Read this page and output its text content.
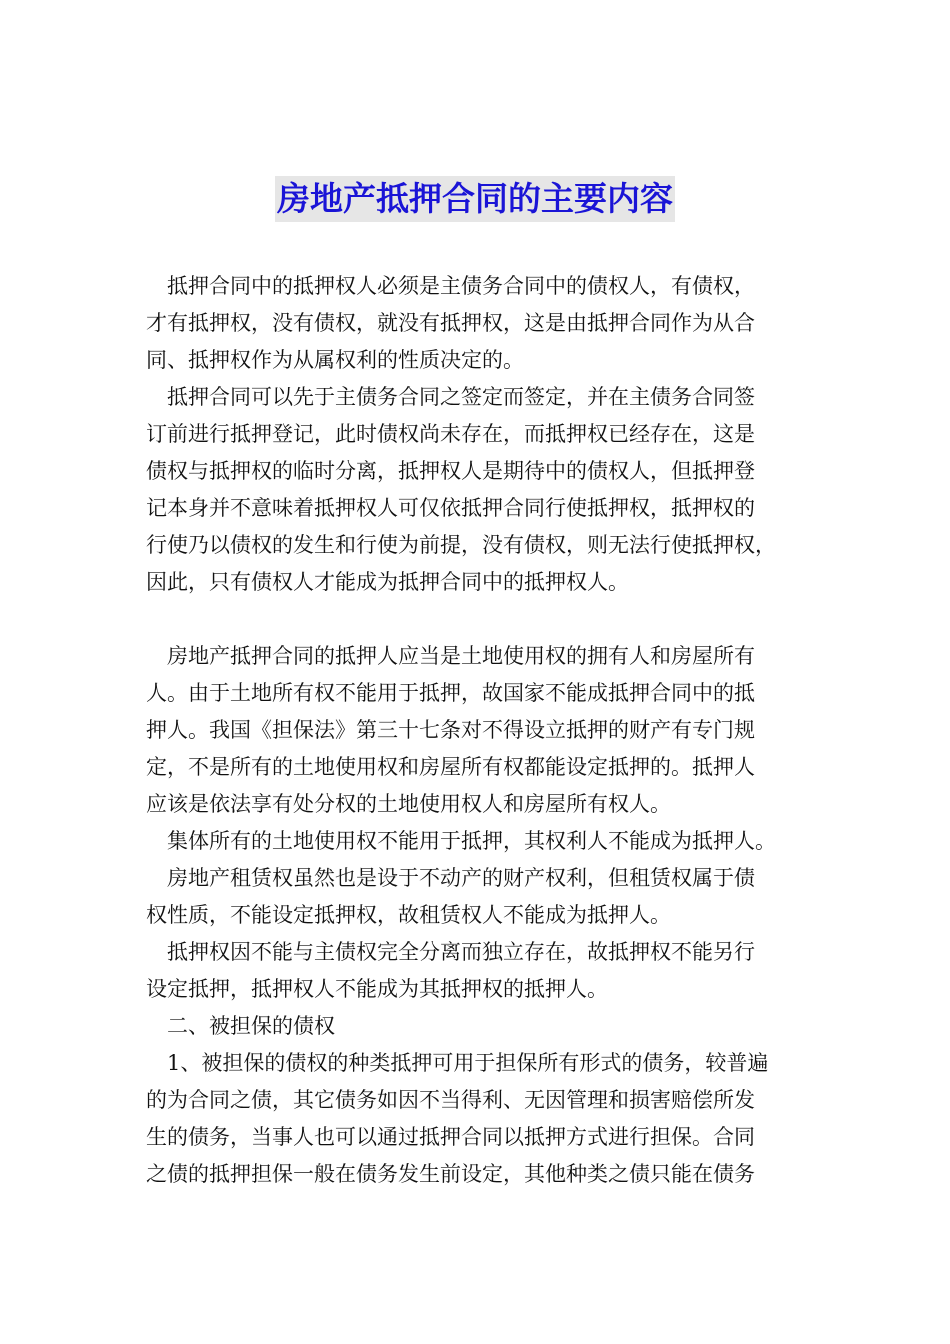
房地产抵押合同的主要内容
　抵押合同中的抵押权人必须是主债务合同中的债权人，有债权，
才有抵押权，没有债权，就没有抵押权，这是由抵押合同作为从合
同、抵押权作为从属权利的性质决定的。
　抵押合同可以先于主债务合同之签定而签定，并在主债务合同签
订前进行抵押登记，此时债权尚未存在，而抵押权已经存在，这是
债权与抵押权的临时分离，抵押权人是期待中的债权人，但抵押登
记本身并不意味着抵押权人可仅依抵押合同行使抵押权，抵押权的
行使乃以债权的发生和行使为前提，没有债权，则无法行使抵押权，
因此，只有债权人才能成为抵押合同中的抵押权人。
　房地产抵押合同的抵押人应当是土地使用权的拥有人和房屋所有
人。由于土地所有权不能用于抵押，故国家不能成抵押合同中的抵
押人。我国《担保法》第三十七条对不得设立抵押的财产有专门规
定，不是所有的土地使用权和房屋所有权都能设定抵押的。抵押人
应该是依法享有处分权的土地使用权人和房屋所有权人。
　集体所有的土地使用权不能用于抵押，其权利人不能成为抵押人。
　房地产租赁权虽然也是设于不动产的财产权利，但租赁权属于债
权性质，不能设定抵押权，故租赁权人不能成为抵押人。
　抵押权因不能与主债权完全分离而独立存在，故抵押权不能另行
设定抵押，抵押权人不能成为其抵押权的抵押人。
　二、被担保的债权
　1、被担保的债权的种类抵押可用于担保所有形式的债务，较普遍
的为合同之债，其它债务如因不当得利、无因管理和损害赔偿所发
生的债务，当事人也可以通过抵押合同以抵押方式进行担保。合同
之债的抵押担保一般在债务发生前设定，其他种类之债只能在债务
